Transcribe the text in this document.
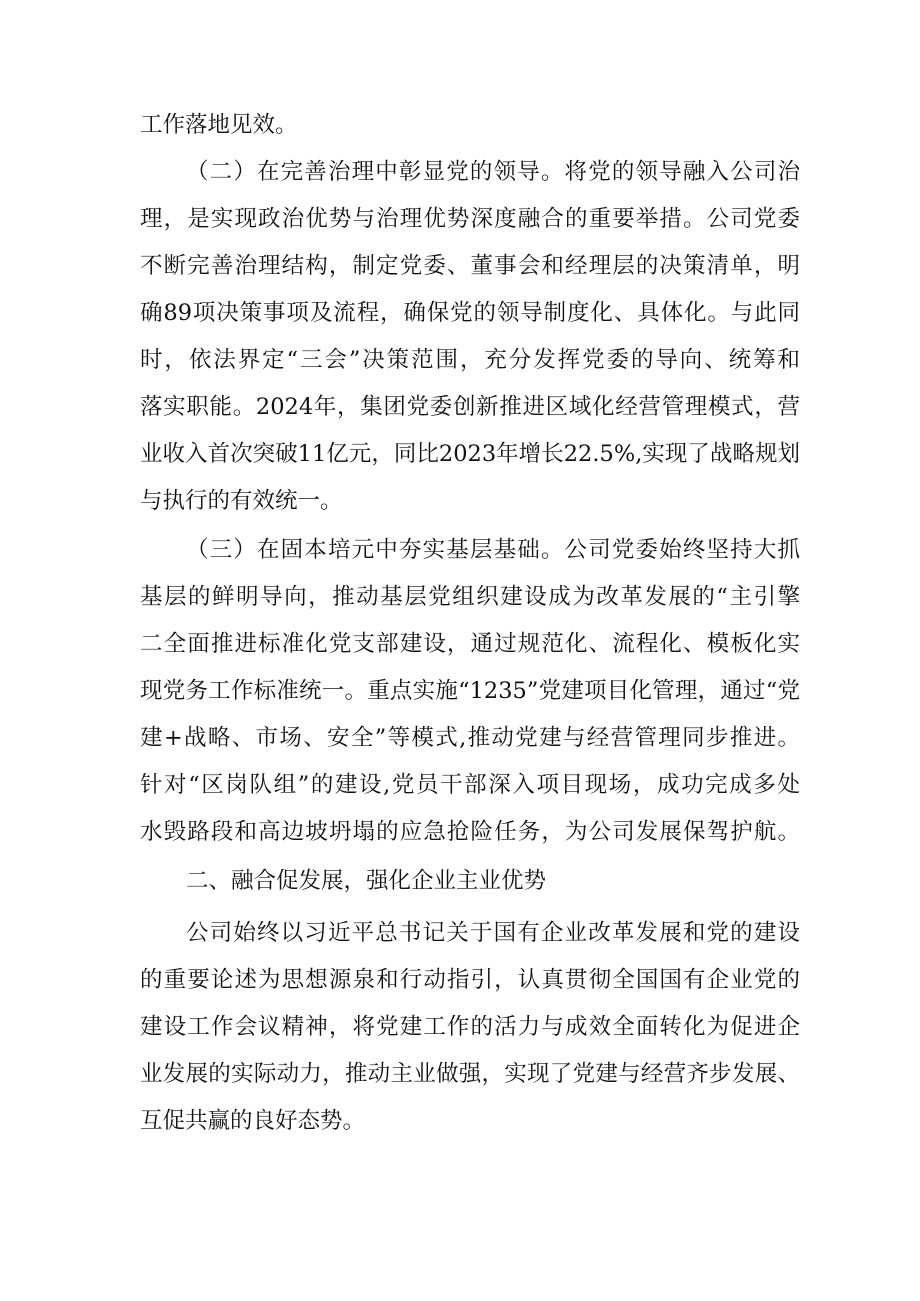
工作落地见效。
（二）在完善治理中彰显党的领导。将党的领导融入公司治
理，是实现政治优势与治理优势深度融合的重要举措。公司党委
不断完善治理结构，制定党委、董事会和经理层的决策清单，明
确89项决策事项及流程，确保党的领导制度化、具体化。与此同
时，依法界定“三会”决策范围，充分发挥党委的导向、统筹和
落实职能。2024年，集团党委创新推进区域化经营管理模式，营
业收入首次突破11亿元，同比2023年增长22.5%,实现了战略规划
与执行的有效统一。
（三）在固本培元中夯实基层基础。公司党委始终坚持大抓
基层的鲜明导向，推动基层党组织建设成为改革发展的“主引擎
二全面推进标准化党支部建设，通过规范化、流程化、模板化实
现党务工作标准统一。重点实施“1235”党建项目化管理，通过“党
建+战略、市场、安全”等模式,推动党建与经营管理同步推进。
针对“区岗队组”的建设,党员干部深入项目现场，成功完成多处
水毁路段和高边坡坍塌的应急抢险任务，为公司发展保驾护航。
二、融合促发展，强化企业主业优势
公司始终以习近平总书记关于国有企业改革发展和党的建设
的重要论述为思想源泉和行动指引，认真贯彻全国国有企业党的
建设工作会议精神，将党建工作的活力与成效全面转化为促进企
业发展的实际动力，推动主业做强，实现了党建与经营齐步发展、
互促共赢的良好态势。
